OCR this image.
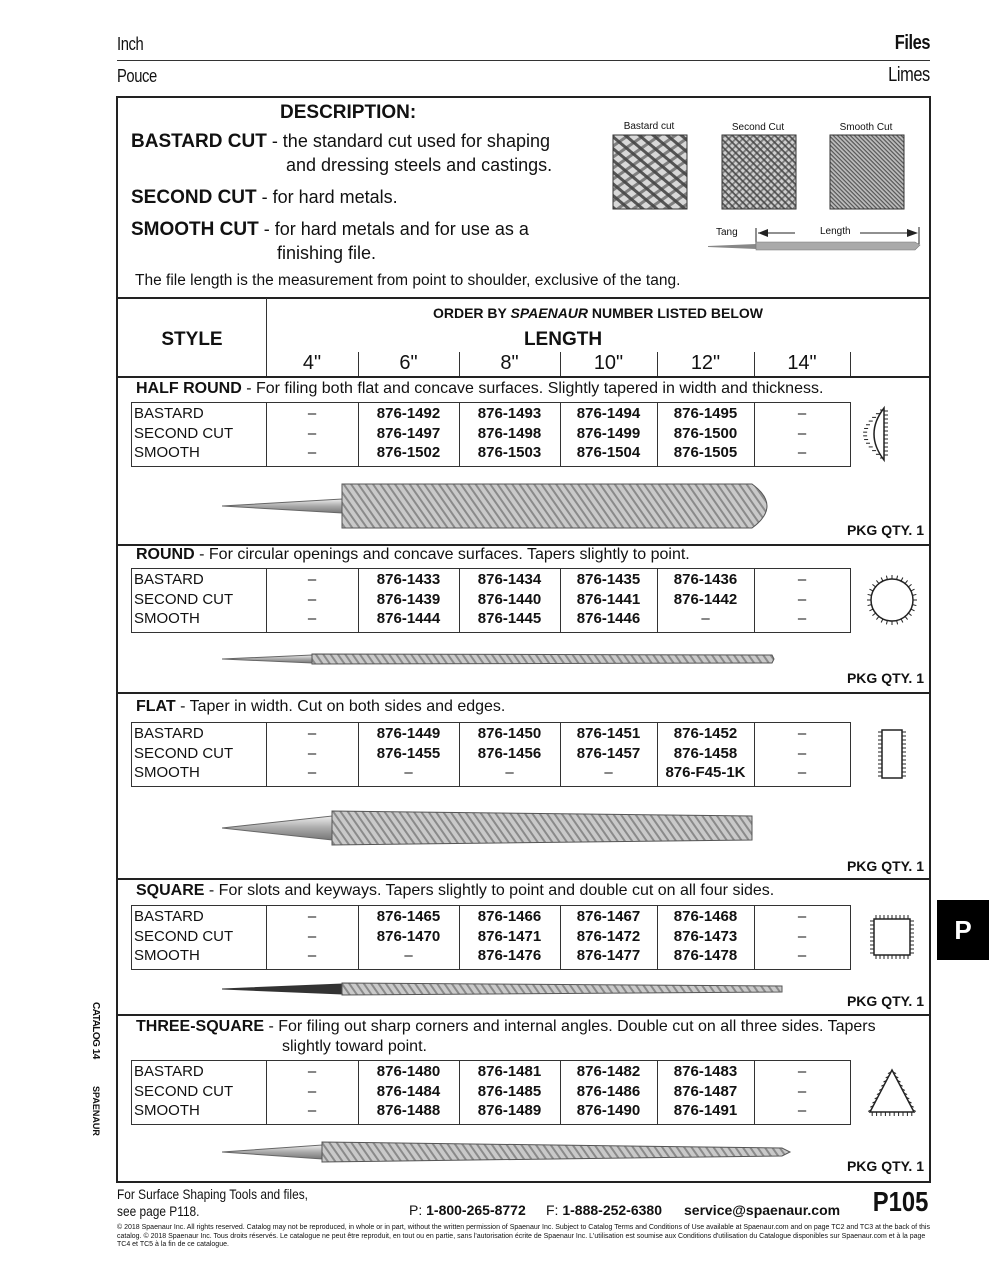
Inch	Files
Pouce	Limes
DESCRIPTION:
BASTARD CUT - the standard cut used for shaping
and dressing steels and castings.
SECOND CUT - for hard metals.
SMOOTH CUT - for hard metals and for use as a
finishing file.
The file length is the measurement from point to shoulder, exclusive of the tang.
Bastard cut	Second Cut	Smooth Cut
Tang	Length
ORDER BY SPAENAUR NUMBER LISTED BELOW
STYLE	LENGTH
4"	6"	8"	10"	12"	14"
HALF ROUND - For filing both flat and concave surfaces. Slightly tapered in width and thickness.
BASTARD	–	876-1492	876-1493	876-1494	876-1495	–
SECOND CUT	–	876-1497	876-1498	876-1499	876-1500	–
SMOOTH	–	876-1502	876-1503	876-1504	876-1505	–
PKG QTY. 1
ROUND - For circular openings and concave surfaces. Tapers slightly to point.
BASTARD	–	876-1433	876-1434	876-1435	876-1436	–
SECOND CUT	–	876-1439	876-1440	876-1441	876-1442	–
SMOOTH	–	876-1444	876-1445	876-1446	–	–
PKG QTY. 1
FLAT - Taper in width. Cut on both sides and edges.
BASTARD	–	876-1449	876-1450	876-1451	876-1452	–
SECOND CUT	–	876-1455	876-1456	876-1457	876-1458	–
SMOOTH	–	–	–	–	876-F45-1K	–
PKG QTY. 1
SQUARE - For slots and keyways. Tapers slightly to point and double cut on all four sides.
BASTARD	–	876-1465	876-1466	876-1467	876-1468	–
SECOND CUT	–	876-1470	876-1471	876-1472	876-1473	–
SMOOTH	–	–	876-1476	876-1477	876-1478	–
PKG QTY. 1
THREE-SQUARE - For filing out sharp corners and internal angles. Double cut on all three sides. Tapers
slightly toward point.
BASTARD	–	876-1480	876-1481	876-1482	876-1483	–
SECOND CUT	–	876-1484	876-1485	876-1486	876-1487	–
SMOOTH	–	876-1488	876-1489	876-1490	876-1491	–
PKG QTY. 1
P
CATALOG 14
SPAENAUR
For Surface Shaping Tools and files,
see page P118.	P: 1-800-265-8772 F: 1-888-252-6380 service@spaenaur.com P105
© 2018 Spaenaur Inc. All rights reserved. Catalog may not be reproduced, in whole or in part, without the written permission of Spaenaur Inc. Subject to Catalog Terms and Conditions of Use available at Spaenaur.com and on page TC2 and TC3 at the back of this catalog. © 2018 Spaenaur Inc. Tous droits réservés. Le catalogue ne peut être reproduit, en tout ou en partie, sans l'autorisation écrite de Spaenaur Inc. L'utilisation est soumise aux Conditions d'utilisation du Catalogue disponibles sur Spaenaur.com et à la page TC4 et TC5 à la fin de ce catalogue.
